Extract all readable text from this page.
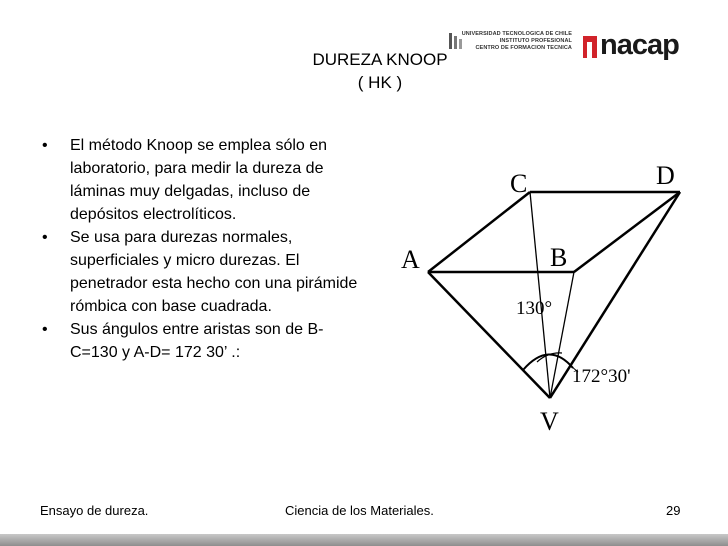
DUREZA KNOOP
( HK )
UNIVERSIDAD TECNOLOGICA DE CHILE
INSTITUTO PROFESIONAL
CENTRO DE FORMACION TECNICA nacap
• El método Knoop se emplea sólo en laboratorio, para medir la dureza de láminas muy delgadas, incluso de depósitos electrolíticos.
• Se usa para durezas normales, superficiales y micro durezas. El penetrador esta hecho con una pirámide rómbica con base cuadrada.
• Sus ángulos entre aristas son de B-C=130 y A-D= 172 30’ .:
A	B
C	D
V
130°
172°30'
Ensayo de dureza.	Ciencia de los Materiales.	29
